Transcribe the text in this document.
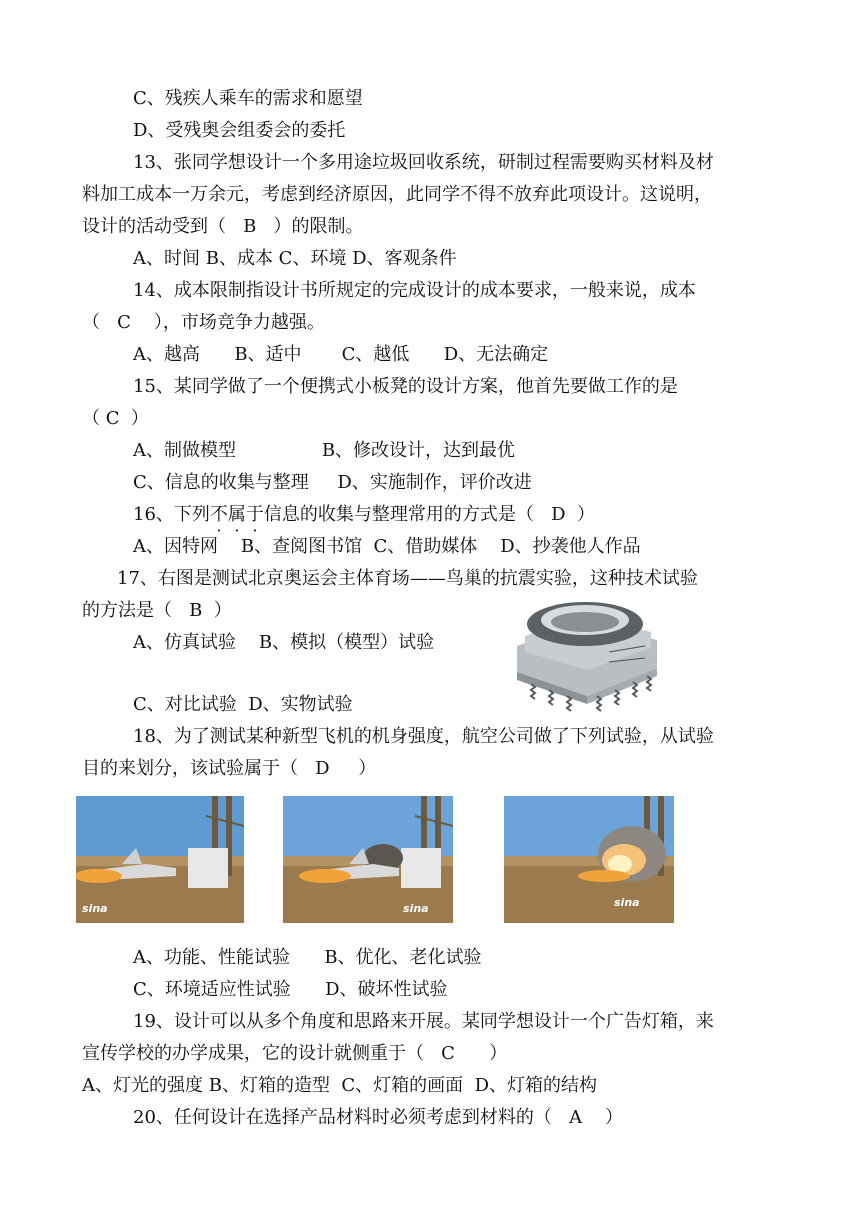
C、残疾人乘车的需求和愿望
D、受残奥会组委会的委托
13、张同学想设计一个多用途垃圾回收系统，研制过程需要购买材料及材
料加工成本一万余元，考虑到经济原因，此同学不得不放弃此项设计。这说明，
设计的活动受到（   B   ）的限制。
A、时间 B、成本 C、环境 D、客观条件
14、成本限制指设计书所规定的完成设计的成本要求，一般来说，成本
（   C    ），市场竞争力越强。
A、越高      B、适中       C、越低      D、无法确定
15、某同学做了一个便携式小板凳的设计方案，他首先要做工作的是
（ C  ）
A、制做模型               B、修改设计，达到最优
C、信息的收集与整理     D、实施制作，评价改进
16、下列不属于信息的收集与整理常用的方式是（   D  ）
A、因特网    B、查阅图书馆  C、借助媒体    D、抄袭他人作品
17、右图是测试北京奥运会主体育场——鸟巢的抗震实验，这种技术试验
的方法是（   B  ）
A、仿真试验    B、模拟（模型）试验
C、对比试验  D、实物试验
18、为了测试某种新型飞机的机身强度，航空公司做了下列试验，从试验
目的来划分，该试验属于（   D     ）
sina	sina	sina
A、功能、性能试验      B、优化、老化试验
C、环境适应性试验      D、破坏性试验
19、设计可以从多个角度和思路来开展。某同学想设计一个广告灯箱，来
宣传学校的办学成果，它的设计就侧重于（   C      ）
A、灯光的强度 B、灯箱的造型  C、灯箱的画面  D、灯箱的结构
20、任何设计在选择产品材料时必须考虑到材料的（   A    ）
